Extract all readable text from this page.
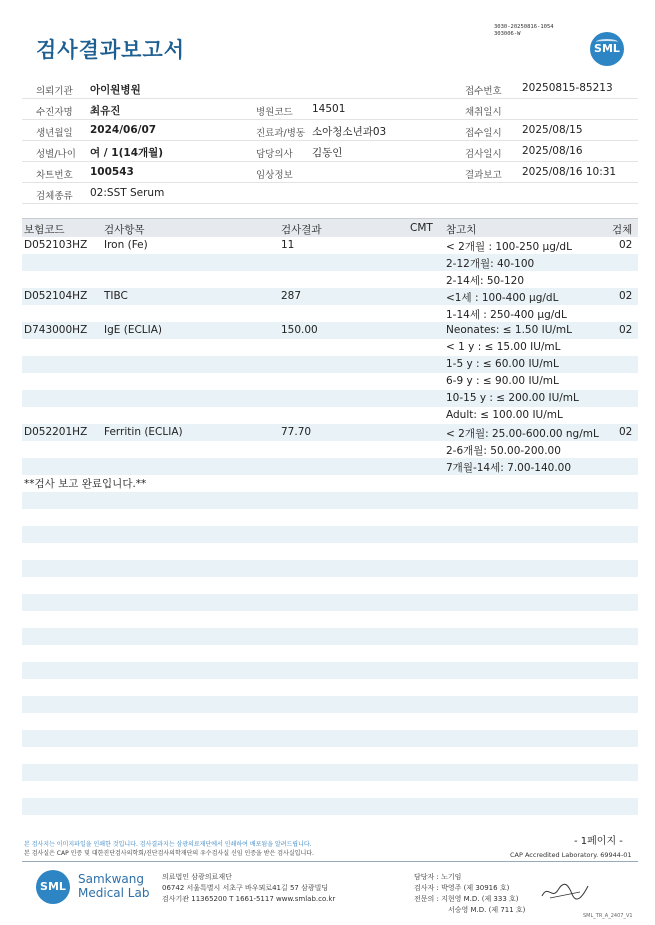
검사결과보고서
3030-20250816-1054
303006-W
SML
의뢰기관 아이원병원	접수번호 20250815-85213
수진자명 최유진	병원코드 14501	채취일시
생년월일 2024/06/07	진료과/병동 소아청소년과03	접수일시 2025/08/15
성별/나이 여 / 1(14개월)	담당의사 김동인	검사일시 2025/08/16
차트번호 100543	임상정보	결과보고 2025/08/16 10:31
검체종류 02:SST Serum
보험코드	검사항목	검사결과	CMT 참고치	검체
D052103HZ Iron (Fe)	11	< 2개월 : 100-250 μg/dL	02
2-12개월: 40-100
2-14세: 50-120
D052104HZ TIBC	287	<1세 : 100-400 μg/dL	02
1-14세 : 250-400 μg/dL
D743000HZ IgE (ECLIA)	150.00	Neonates: ≤ 1.50 IU/mL	02
< 1 y : ≤ 15.00 IU/mL
1-5 y : ≤ 60.00 IU/mL
6-9 y : ≤ 90.00 IU/mL
10-15 y : ≤ 200.00 IU/mL
Adult: ≤ 100.00 IU/mL
D052201HZ Ferritin (ECLIA)	77.70	< 2개월: 25.00-600.00 ng/mL 02
2-6개월: 50.00-200.00
7개월-14세: 7.00-140.00
**검사 보고 완료입니다.**
- 1페이지 -
본 검사지는 이미지파일을 인쇄한 것입니다. 검사결과지는 삼광의료재단에서 인쇄하여 배포됨을 알려드립니다.
본 검사실은 CAP 인증 및 대한진단검사의학회/진단검사의학재단의 우수검사실 신임 인증을 받은 검사실입니다.	CAP Accredited Laboratory. 69944-01
SML
Samkwang
Medical Lab
의료법인 삼광의료재단
06742 서울특별시 서초구 바우뫼로41길 57 삼광빌딩
검사기관 11365200 T 1661-5117 www.smlab.co.kr
담당자 : 노기임
검사자 : 박영주 (제 30916 호)
전문의 : 지현영 M.D. (제 333 호)
서승영 M.D. (제 711 호)
SML_TR_A_2407_V1
